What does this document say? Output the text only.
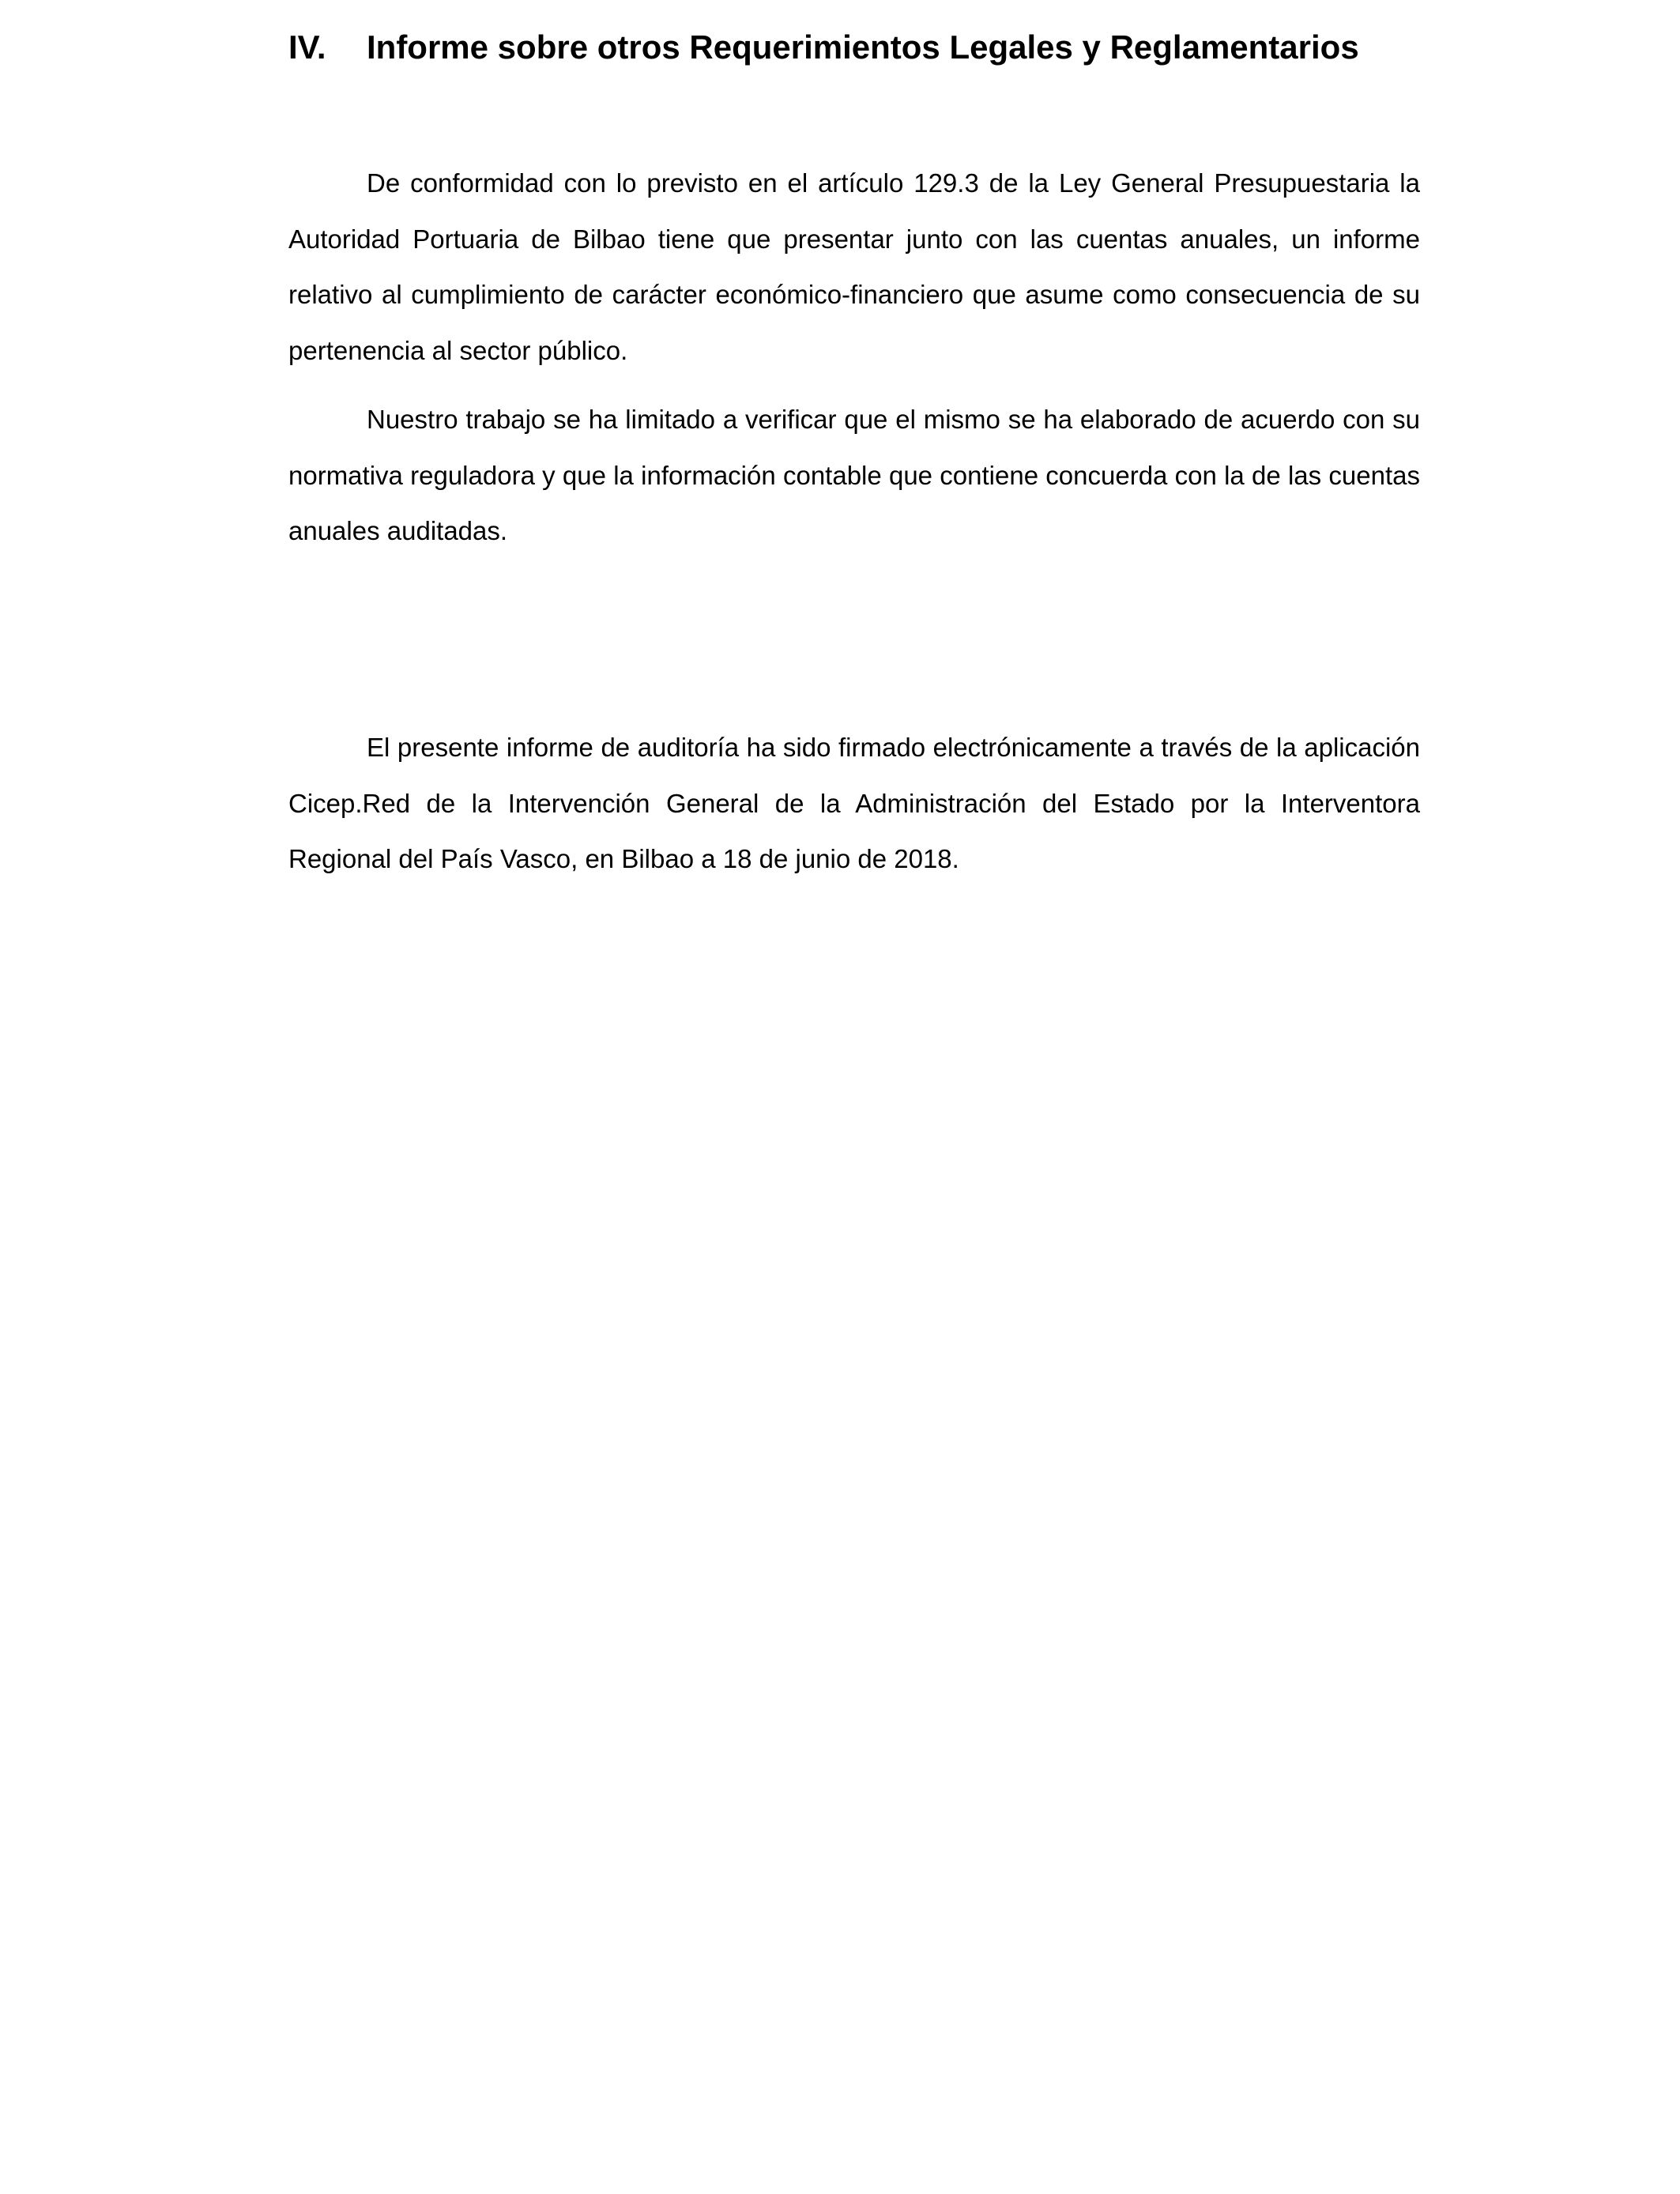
IV. Informe sobre otros Requerimientos Legales y Reglamentarios

De conformidad con lo previsto en el artículo 129.3 de la Ley General Presupuestaria la Autoridad Portuaria de Bilbao tiene que presentar junto con las cuentas anuales, un informe relativo al cumplimiento de carácter económico-financiero que asume como consecuencia de su pertenencia al sector público.

Nuestro trabajo se ha limitado a verificar que el mismo se ha elaborado de acuerdo con su normativa reguladora y que la información contable que contiene concuerda con la de las cuentas anuales auditadas.

El presente informe de auditoría ha sido firmado electrónicamente a través de la aplicación Cicep.Red de la Intervención General de la Administración del Estado por la Interventora Regional del País Vasco, en Bilbao a 18 de junio de 2018.
